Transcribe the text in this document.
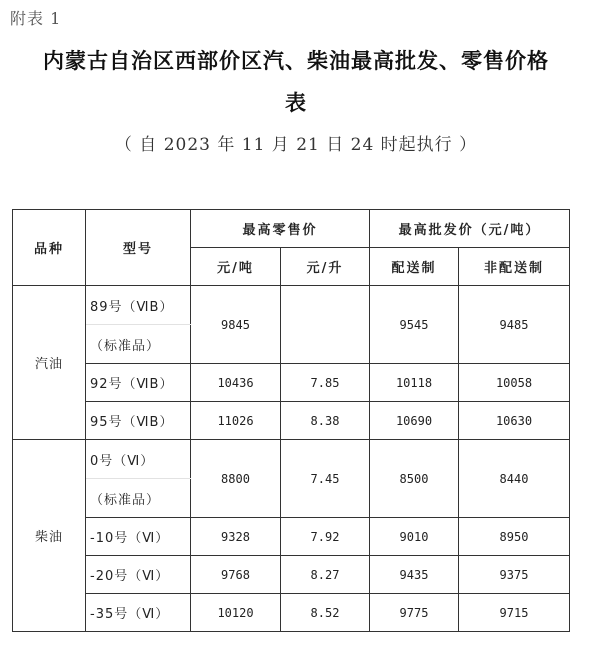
附表 1
内蒙古自治区西部价区汽、柴油最高批发、零售价格
表
（ 自 2023 年 11 月 21 日 24 时起执行 ）
品种	型号	最高零售价		最高批发价（元/吨）	
		元/吨	元/升	配送制	非配送制
汽油	89号（ⅥB）	9845		9545	9485
	（标准品）				
	92号（ⅥB）	10436	7.85	10118	10058
	95号（ⅥB）	11026	8.38	10690	10630
柴油	0号（Ⅵ）	8800	7.45	8500	8440
	（标准品）				
	-10号（Ⅵ）	9328	7.92	9010	8950
	-20号（Ⅵ）	9768	8.27	9435	9375
	-35号（Ⅵ）	10120	8.52	9775	9715
